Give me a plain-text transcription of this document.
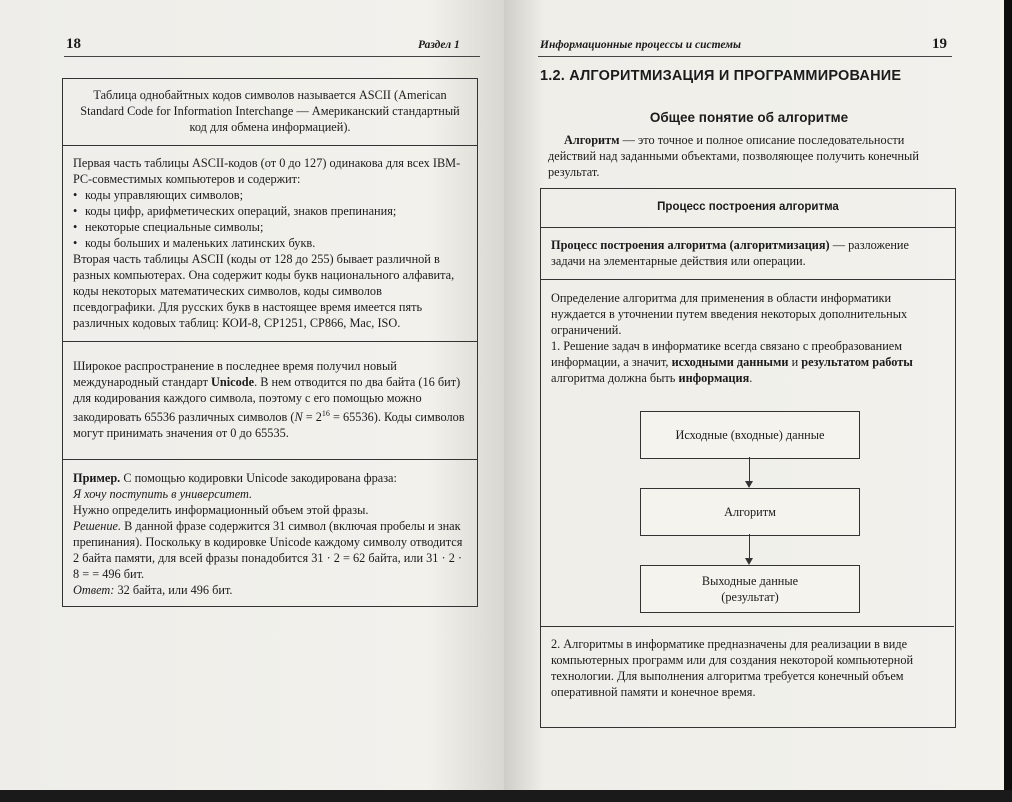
18	Раздел 1
Таблица однобайтных кодов символов называется ASCII (American Standard Code for Information Interchange — Американский стандартный код для обмена информацией).

Первая часть таблицы ASCII-кодов (от 0 до 127) одинакова для всех IBM-PC-совместимых компьютеров и содержит:

• коды управляющих символов;

• коды цифр, арифметических операций, знаков препинания;

• некоторые специальные символы;

• коды больших и маленьких латинских букв.

Вторая часть таблицы ASCII (коды от 128 до 255) бывает различной в разных компьютерах. Она содержит коды букв национального алфавита, коды некоторых математических символов, коды символов псевдографики. Для русских букв в настоящее время имеется пять различных кодовых таблиц: КОИ-8, CP1251, CP866, Mac, ISO.

Широкое распространение в последнее время получил новый международный стандарт Unicode. В нем отводится по два байта (16 бит) для кодирования каждого символа, поэтому с его помощью можно закодировать 65536 различных символов $(N = 2^{16} = 65536)$. Коды символов могут принимать значения от 0 до 65535.

Пример. С помощью кодировки Unicode закодирована фраза:

Я хочу поступить в университет.

Нужно определить информационный объем этой фразы.

Решение. В данной фразе содержится 31 символ (включая пробелы и знак препинания). Поскольку в кодировке Unicode каждому символу отводится 2 байта памяти, для всей фразы понадобится 31 · 2 = 62 байта, или 31 · 2 · 8 = = 496 бит.

Ответ: 32 байта, или 496 бит.

Информационные процессы и системы	19
1.2. АЛГОРИТМИЗАЦИЯ И ПРОГРАММИРОВАНИЕ
Общее понятие об алгоритме

Алгоритм — это точное и полное описание последовательности действий над заданными объектами, позволяющее получить конечный результат.

Процесс построения алгоритма

Процесс построения алгоритма (алгоритмизация) — разложение задачи на элементарные действия или операции.

Определение алгоритма для применения в области информатики нуждается в уточнении путем введения некоторых дополнительных ограничений.

1. Решение задач в информатике всегда связано с преобразованием информации, а значит, исходными данными и результатом работы алгоритма должна быть информация.

Исходные (входные) данные
Алгоритм
Выходные данные (результат)

2. Алгоритмы в информатике предназначены для реализации в виде компьютерных программ или для создания некоторой компьютерной технологии. Для выполнения алгоритма требуется конечный объем оперативной памяти и конечное время.
